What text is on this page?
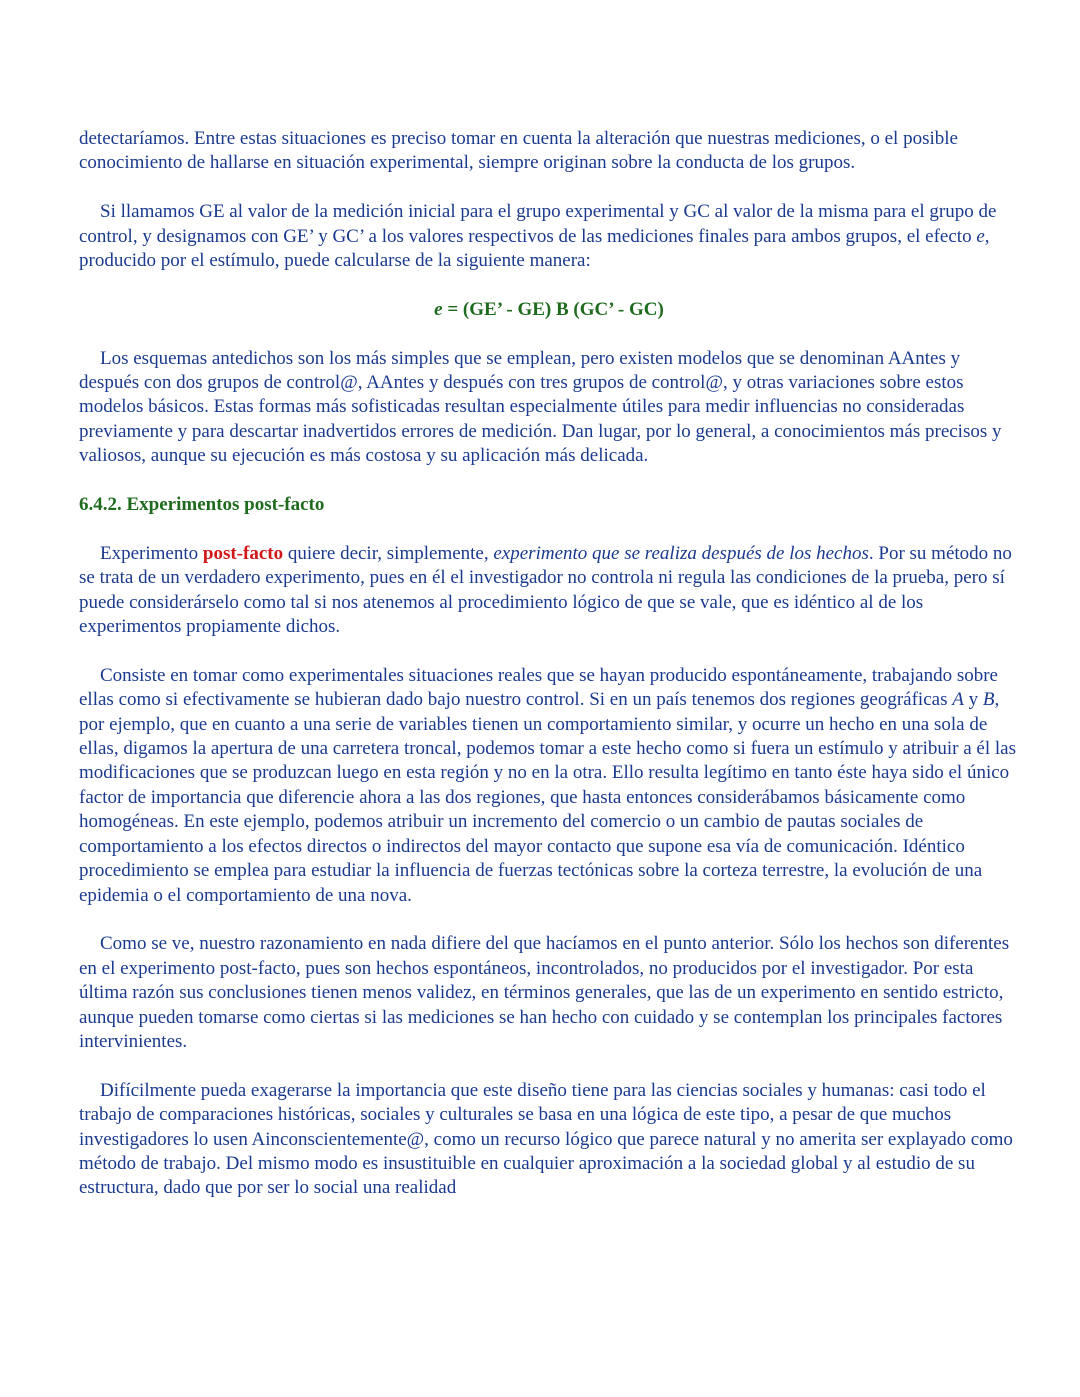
detectaríamos. Entre estas situaciones es preciso tomar en cuenta la alteración que nuestras mediciones, o el posible conocimiento de hallarse en situación experimental, siempre originan sobre la conducta de los grupos.

Si llamamos GE al valor de la medición inicial para el grupo experimental y GC al valor de la misma para el grupo de control, y designamos con GE’ y GC’ a los valores respectivos de las mediciones finales para ambos grupos, el efecto e, producido por el estímulo, puede calcularse de la siguiente manera:

e = (GE’ - GE) B (GC’ - GC)

Los esquemas antedichos son los más simples que se emplean, pero existen modelos que se denominan AAntes y después con dos grupos de control@, AAntes y después con tres grupos de control@, y otras variaciones sobre estos modelos básicos. Estas formas más sofisticadas resultan especialmente útiles para medir influencias no consideradas previamente y para descartar inadvertidos errores de medición. Dan lugar, por lo general, a conocimientos más precisos y valiosos, aunque su ejecución es más costosa y su aplicación más delicada.

6.4.2. Experimentos post-facto

Experimento post-facto quiere decir, simplemente, experimento que se realiza después de los hechos. Por su método no se trata de un verdadero experimento, pues en él el investigador no controla ni regula las condiciones de la prueba, pero sí puede considerárselo como tal si nos atenemos al procedimiento lógico de que se vale, que es idéntico al de los experimentos propiamente dichos.

Consiste en tomar como experimentales situaciones reales que se hayan producido espontáneamente, trabajando sobre ellas como si efectivamente se hubieran dado bajo nuestro control. Si en un país tenemos dos regiones geográficas A y B, por ejemplo, que en cuanto a una serie de variables tienen un comportamiento similar, y ocurre un hecho en una sola de ellas, digamos la apertura de una carretera troncal, podemos tomar a este hecho como si fuera un estímulo y atribuir a él las modificaciones que se produzcan luego en esta región y no en la otra. Ello resulta legítimo en tanto éste haya sido el único factor de importancia que diferencie ahora a las dos regiones, que hasta entonces considerábamos básicamente como homogéneas. En este ejemplo, podemos atribuir un incremento del comercio o un cambio de pautas sociales de comportamiento a los efectos directos o indirectos del mayor contacto que supone esa vía de comunicación. Idéntico procedimiento se emplea para estudiar la influencia de fuerzas tectónicas sobre la corteza terrestre, la evolución de una epidemia o el comportamiento de una nova.

Como se ve, nuestro razonamiento en nada difiere del que hacíamos en el punto anterior. Sólo los hechos son diferentes en el experimento post-facto, pues son hechos espontáneos, incontrolados, no producidos por el investigador. Por esta última razón sus conclusiones tienen menos validez, en términos generales, que las de un experimento en sentido estricto, aunque pueden tomarse como ciertas si las mediciones se han hecho con cuidado y se contemplan los principales factores intervinientes.

Difícilmente pueda exagerarse la importancia que este diseño tiene para las ciencias sociales y humanas: casi todo el trabajo de comparaciones históricas, sociales y culturales se basa en una lógica de este tipo, a pesar de que muchos investigadores lo usen Ainconscientemente@, como un recurso lógico que parece natural y no amerita ser explayado como método de trabajo. Del mismo modo es insustituible en cualquier aproximación a la sociedad global y al estudio de su estructura, dado que por ser lo social una realidad
